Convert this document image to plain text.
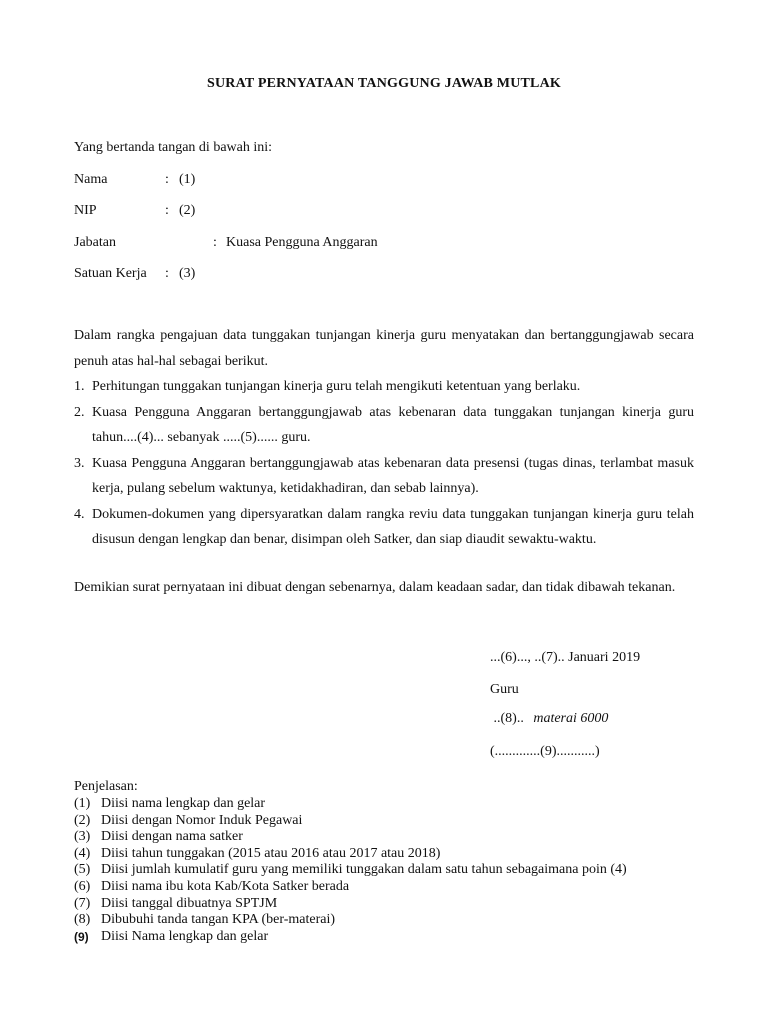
SURAT PERNYATAAN TANGGUNG JAWAB MUTLAK
Yang bertanda tangan di bawah ini:
Nama	: (1)
NIP	: (2)
Jabatan	: Kuasa Pengguna Anggaran
Satuan Kerja : (3)
Dalam rangka pengajuan data tunggakan tunjangan kinerja guru menyatakan dan bertanggungjawab secara penuh atas hal-hal sebagai berikut.
1. Perhitungan tunggakan tunjangan kinerja guru telah mengikuti ketentuan yang berlaku.
2. Kuasa Pengguna Anggaran bertanggungjawab atas kebenaran data tunggakan tunjangan kinerja guru tahun....(4)... sebanyak .....(5)...... guru.
3. Kuasa Pengguna Anggaran bertanggungjawab atas kebenaran data presensi (tugas dinas, terlambat masuk kerja, pulang sebelum waktunya, ketidakhadiran, dan sebab lainnya).
4. Dokumen-dokumen yang dipersyaratkan dalam rangka reviu data tunggakan tunjangan kinerja guru telah disusun dengan lengkap dan benar, disimpan oleh Satker, dan siap diaudit sewaktu-waktu.
Demikian surat pernyataan ini dibuat dengan sebenarnya, dalam keadaan sadar, dan tidak dibawah tekanan.
...(6)..., ..(7).. Januari 2019
Guru
..(8).. materai 6000
(.............(9)...........)
Penjelasan:
(1) Diisi nama lengkap dan gelar
(2) Diisi dengan Nomor Induk Pegawai
(3) Diisi dengan nama satker
(4) Diisi tahun tunggakan (2015 atau 2016 atau 2017 atau 2018)
(5) Diisi jumlah kumulatif guru yang memiliki tunggakan dalam satu tahun sebagaimana poin (4)
(6) Diisi nama ibu kota Kab/Kota Satker berada
(7) Diisi tanggal dibuatnya SPTJM
(8) Dibubuhi tanda tangan KPA (ber-materai)
(9) Diisi Nama lengkap dan gelar
